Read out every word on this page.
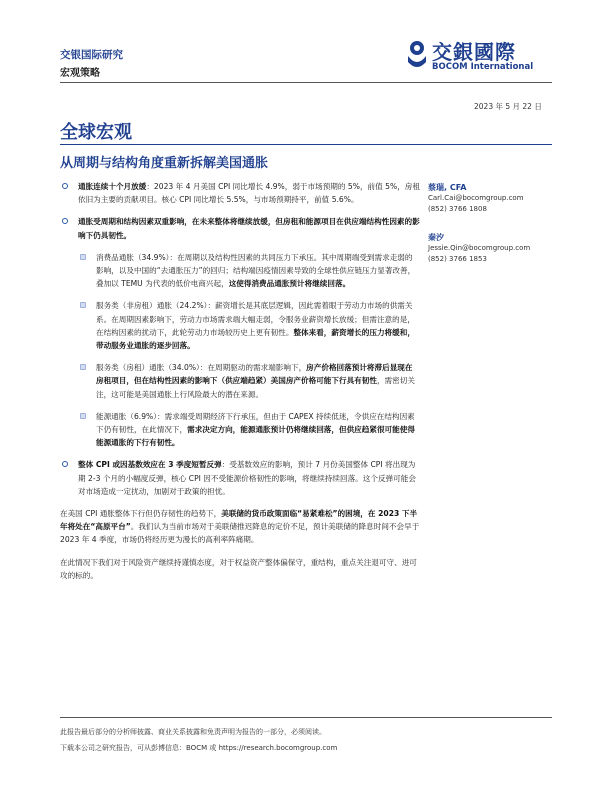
交银国际研究
宏观策略
交銀國際
BOCOM International
2023 年 5 月 22 日
全球宏观
从周期与结构角度重新拆解美国通胀
蔡瑞, CFA
Carl.Cai@bocomgroup.com
(852) 3766 1808
秦汐
Jessie.Qin@bocomgroup.com
(852) 3766 1853
通胀连续十个月放缓：2023 年 4 月美国 CPI 同比增长 4.9%，弱于市场预期的 5%，前值 5%，房租依旧为主要的贡献项目。核心 CPI 同比增长 5.5%，与市场预期持平，前值 5.6%。
通胀受周期和结构因素双重影响，在未来整体将继续放缓，但房租和能源项目在供应端结构性因素的影响下仍具韧性。
消费品通胀（34.9%）：在周期以及结构性因素的共同压力下承压。其中周期端受到需求走弱的影响，以及中国的“去通胀压力”的回归；结构端因疫情因素导致的全球性供应链压力显著改善，叠加以 TEMU 为代表的低价电商兴起，这使得消费品通胀预计将继续回落。
服务类（非房租）通胀（24.2%）：薪资增长是其底层逻辑，因此需着眼于劳动力市场的供需关系。在周期因素影响下，劳动力市场需求端大幅走弱，令服务业薪资增长放缓；但需注意的是，在结构因素的扰动下，此轮劳动力市场较历史上更有韧性。整体来看，薪资增长的压力将缓和，带动服务业通胀的逐步回落。
服务类（房租）通胀（34.0%）：在周期驱动的需求端影响下，房产价格回落预计将滞后显现在房租项目，但在结构性因素的影响下（供应端趋紧）美国房产价格可能下行具有韧性，需密切关注，这可能是美国通胀上行风险最大的潜在来源。
能源通胀（6.9%）：需求端受周期经济下行承压，但由于 CAPEX 持续低迷，令供应在结构因素下仍有韧性，在此情况下，需求决定方向，能源通胀预计仍将继续回落，但供应趋紧很可能使得能源通胀的下行有韧性。
整体 CPI 或因基数效应在 3 季度短暂反弹：受基数效应的影响，预计 7 月份美国整体 CPI 将出现为期 2-3 个月的小幅度反弹，核心 CPI 因不受能源价格韧性的影响，将继续持续回落。这个反弹可能会对市场造成一定扰动，加剧对于政策的担忧。
在美国 CPI 通胀整体下行但仍存韧性的趋势下，美联储的货币政策面临“易紧难松”的困境，在 2023 下半年将处在“高原平台”。我们认为当前市场对于美联储推迟降息的定价不足，预计美联储的降息时间不会早于 2023 年 4 季度，市场仍将经历更为漫长的高利率阵痛期。
在此情况下我们对于风险资产继续持谨慎态度，对于权益资产整体偏保守，重结构，重点关注退可守、进可攻的标的。
此报告最后部分的分析师披露、商业关系披露和免责声明为报告的一部分，必须阅读。
下载本公司之研究报告，可从彭博信息：BOCM 或 https://research.bocomgroup.com
